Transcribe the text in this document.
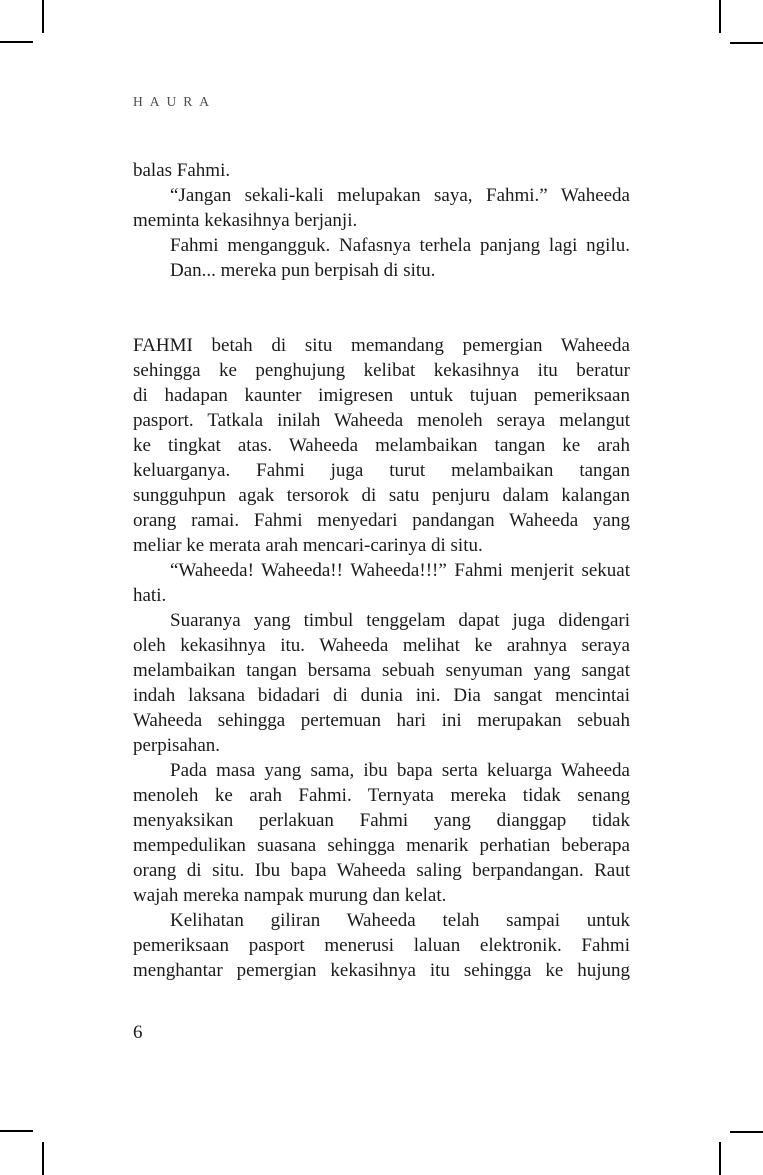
HAURA
balas Fahmi.
“Jangan sekali-kali melupakan saya, Fahmi.” Waheeda
meminta kekasihnya berjanji.
Fahmi mengangguk. Nafasnya terhela panjang lagi ngilu.
Dan... mereka pun berpisah di situ.
FAHMI betah di situ memandang pemergian Waheeda
sehingga ke penghujung kelibat kekasihnya itu beratur
di hadapan kaunter imigresen untuk tujuan pemeriksaan
pasport. Tatkala inilah Waheeda menoleh seraya melangut
ke tingkat atas. Waheeda melambaikan tangan ke arah
keluarganya. Fahmi juga turut melambaikan tangan
sungguhpun agak tersorok di satu penjuru dalam kalangan
orang ramai. Fahmi menyedari pandangan Waheeda yang
meliar ke merata arah mencari-carinya di situ.
“Waheeda! Waheeda!! Waheeda!!!” Fahmi menjerit sekuat
hati.
Suaranya yang timbul tenggelam dapat juga didengari
oleh kekasihnya itu. Waheeda melihat ke arahnya seraya
melambaikan tangan bersama sebuah senyuman yang sangat
indah laksana bidadari di dunia ini. Dia sangat mencintai
Waheeda sehingga pertemuan hari ini merupakan sebuah
perpisahan.
Pada masa yang sama, ibu bapa serta keluarga Waheeda
menoleh ke arah Fahmi. Ternyata mereka tidak senang
menyaksikan perlakuan Fahmi yang dianggap tidak
mempedulikan suasana sehingga menarik perhatian beberapa
orang di situ. Ibu bapa Waheeda saling berpandangan. Raut
wajah mereka nampak murung dan kelat.
Kelihatan giliran Waheeda telah sampai untuk
pemeriksaan pasport menerusi laluan elektronik. Fahmi
menghantar pemergian kekasihnya itu sehingga ke hujung
6
